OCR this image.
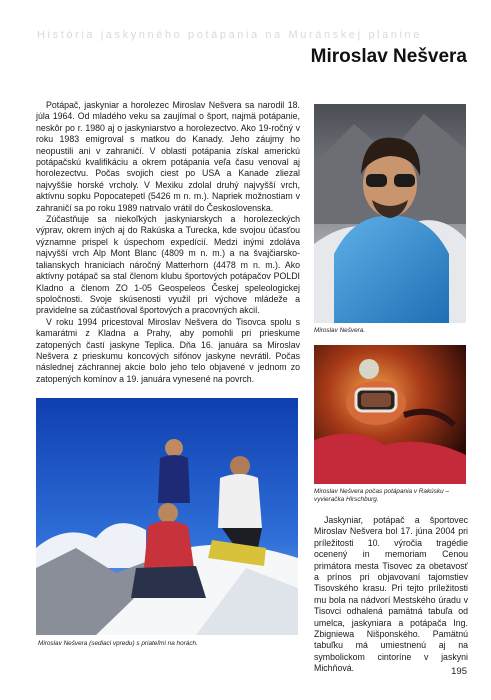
História jaskynného potápania na Muránskej planine
Miroslav Nešvera

Potápač, jaskyniar a horolezec Miroslav Nešvera sa narodil 18. júla 1964. Od mladého veku sa zaujímal o šport, najmä potápanie, neskôr po r. 1980 aj o jaskyniarstvo a horolezectvo. Ako 19-ročný v roku 1983 emigroval s matkou do Kanady. Jeho záujmy ho neopustili ani v zahraničí. V oblasti potápania získal americkú potápačskú kvalifikáciu a okrem potápania veľa času venoval aj horolezectvu. Počas svojich ciest po USA a Kanade zliezal najvyššie horské vrcholy. V Mexiku zdolal druhý najvyšší vrch, aktívnu sopku Popocatepetl (5426 m n. m.). Napriek možnostiam v zahraničí sa po roku 1989 natrvalo vrátil do Československa.

Zúčastňuje sa niekoľkých jaskyniarskych a horolezeckých výprav, okrem iných aj do Rakúska a Turecka, kde svojou účasťou významne prispel k úspechom expedícií. Medzi inými zdoláva najvyšší vrch Alp Mont Blanc (4809 m n. m.) a na švajčiarsko-talianskych hraniciach náročný Matterhorn (4478 m n. m.). Ako aktívny potápač sa stal členom klubu športových potápačov POLDI Kladno a členom ZO 1-05 Geospeleos Českej speleologickej spoločnosti. Svoje skúsenosti využil pri výchove mládeže a pravidelne sa zúčastňoval športových a pracovných akcií.

V roku 1994 pricestoval Miroslav Nešvera do Tisovca spolu s kamarátmi z Kladna a Prahy, aby pomohli pri prieskume zatopených častí jaskyne Teplica. Dňa 16. januára sa Miroslav Nešvera z prieskumu koncových sifónov jaskyne nevrátil. Počas následnej záchrannej akcie bolo jeho telo objavené v jednom zo zatopených komínov a 19. januára vynesené na povrch.

Miroslav Nešvera.
Miroslav Nešvera počas potápania v Rakúsku – vyvieračka Hirschburg.
Miroslav Nešvera (sediaci vpredu) s priateľmi na horách.

Jaskyniar, potápač a športovec Miroslav Nešvera bol 17. júna 2004 pri príležitosti 10. výročia tragédie ocenený in memoriam Cenou primátora mesta Tisovec za obetavosť a prínos pri objavovaní tajomstiev Tisovského krasu. Pri tejto príležitosti mu bola na nádvorí Mestského úradu v Tisovci odhalená pamätná tabuľa od umelca, jaskyniara a potápača Ing. Zbigniewa Nišponského. Pamätnú tabuľku má umiestnenú aj na symbolickom cintoríne v jaskyni Michňová.	195
